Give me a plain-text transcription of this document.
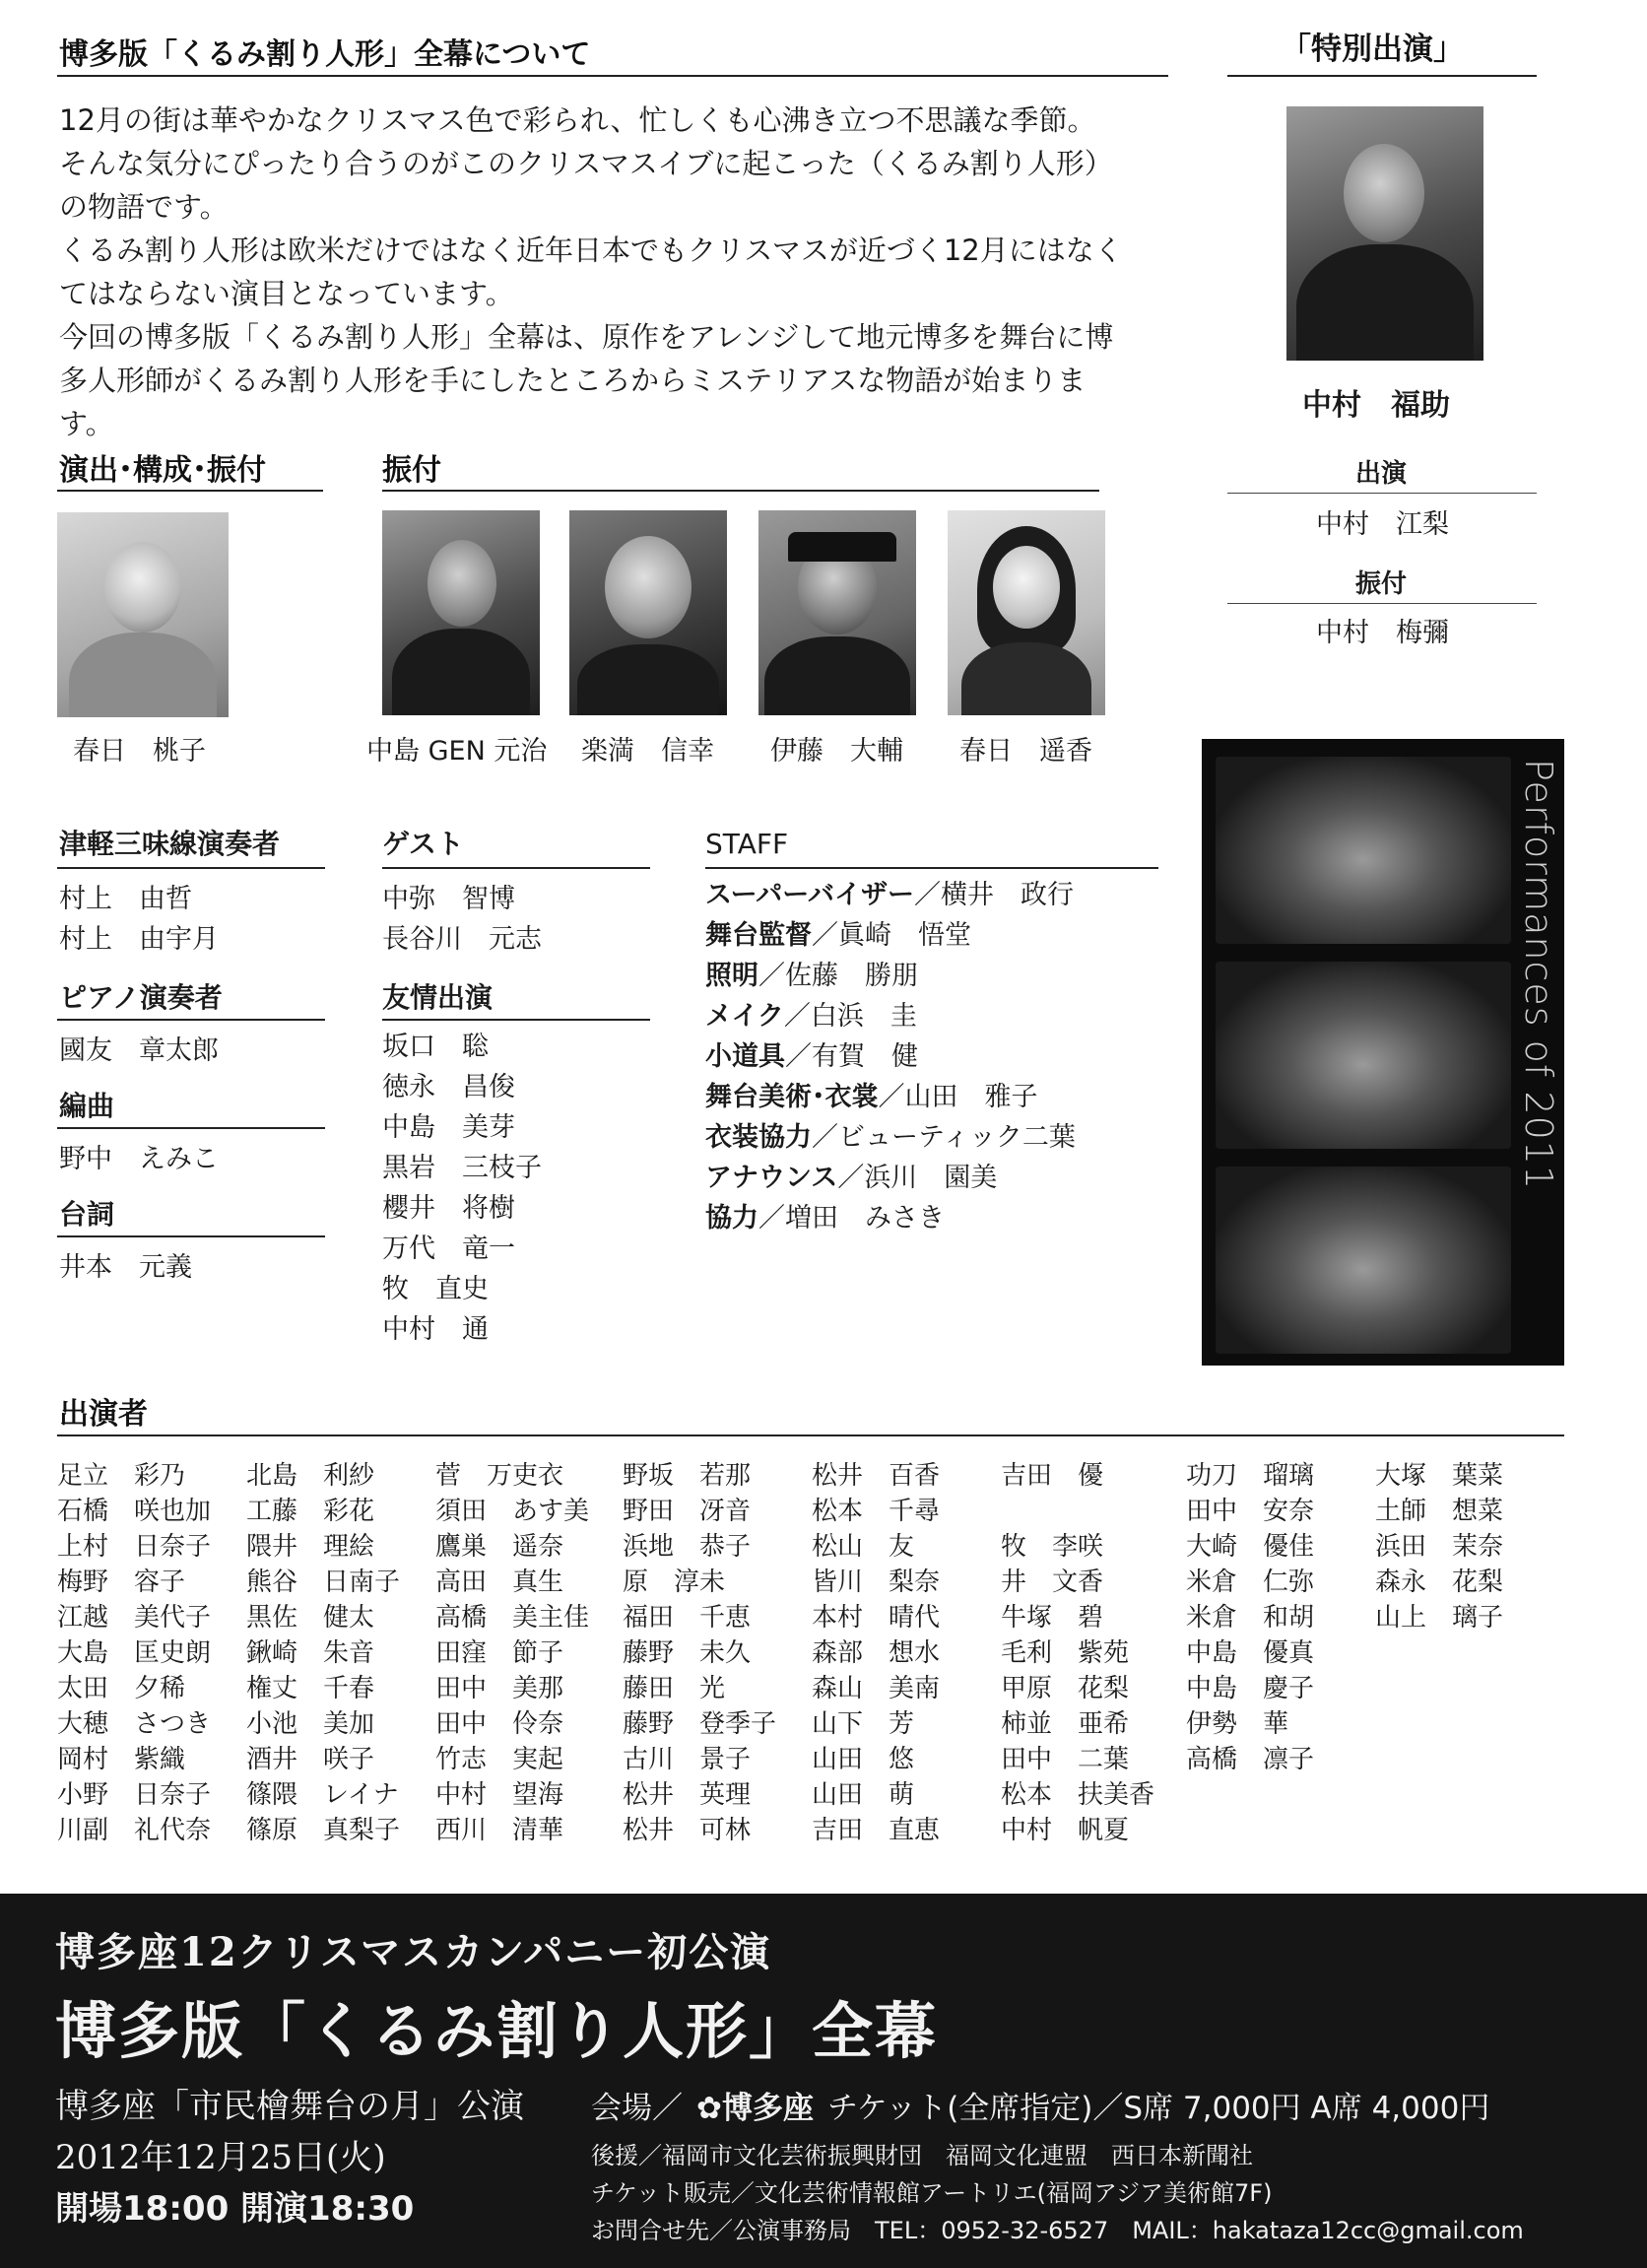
博多版「くるみ割り人形」全幕について

12月の街は華やかなクリスマス色で彩られ、忙しくも心沸き立つ不思議な季節。そんな気分にぴったり合うのがこのクリスマスイブに起こった（くるみ割り人形）の物語です。

くるみ割り人形は欧米だけではなく近年日本でもクリスマスが近づく12月にはなくてはならない演目となっています。

今回の博多版「くるみ割り人形」全幕は、原作をアレンジして地元博多を舞台に博多人形師がくるみ割り人形を手にしたところからミステリアスな物語が始まります。

「特別出演」
中村　福助
出演
中村　江梨
振付
中村　梅彌
演出･構成･振付
春日　桃子
振付
中島 GEN 元治 楽満　信幸 伊藤　大輔 春日　遥香
Performances of 2011
津軽三味線演奏者
村上　由哲
村上　由宇月
ピアノ演奏者
國友　章太郎
編曲
野中　えみこ
台詞
井本　元義
ゲスト
中弥　智博
長谷川　元志
友情出演
坂口　聡
徳永　昌俊
中島　美芽
黒岩　三枝子
櫻井　将樹
万代　竜一
牧　直史
中村　通
STAFF
スーパーバイザー／横井　政行
舞台監督／眞崎　悟堂
照明／佐藤　勝朋
メイク／白浜　圭
小道具／有賀　健
舞台美術･衣裳／山田　雅子
衣装協力／ビューティック二葉
アナウンス／浜川　園美
協力／増田　みさき
出演者
足立　彩乃
石橋　咲也加
上村　日奈子
梅野　容子
江越　美代子
大島　匡史朗
太田　夕稀
大穂　さつき
岡村　紫織
小野　日奈子
川副　礼代奈
北島　利紗
工藤　彩花
隈井　理絵
熊谷　日南子
黒佐　健太
鍬崎　朱音
権丈　千春
小池　美加
酒井　咲子
篠隈　レイナ
篠原　真梨子
菅　万吏衣
須田　あす美
鷹巣　遥奈
高田　真生
高橋　美主佳
田窪　節子
田中　美那
田中　伶奈
竹志　実起
中村　望海
西川　清華
野坂　若那
野田　冴音
浜地　恭子
原　淳未
福田　千恵
藤野　未久
藤田　光
藤野　登季子
古川　景子
松井　英理
松井　可林
松井　百香
松本　千尋
松山　友
皆川　梨奈
本村　晴代
森部　想水
森山　美南
山下　芳
山田　悠
山田　萌
吉田　直恵
吉田　優
牧　李咲
井　文香
牛塚　碧
毛利　紫苑
甲原　花梨
柿並　亜希
田中　二葉
松本　扶美香
中村　帆夏
功刀　瑠璃
田中　安奈
大崎　優佳
米倉　仁弥
米倉　和胡
中島　優真
中島　慶子
伊勢　華
高橋　凛子
大塚　葉菜
土師　想菜
浜田　茉奈
森永　花梨
山上　璃子
博多座12クリスマスカンパニー初公演
博多版「くるみ割り人形」全幕
博多座「市民檜舞台の月」公演
2012年12月25日(火)
開場18:00 開演18:30
会場／ ✿博多座 チケット(全席指定)／S席 7,000円 A席 4,000円
後援／福岡市文化芸術振興財団　福岡文化連盟　西日本新聞社
チケット販売／文化芸術情報館アートリエ(福岡アジア美術館7F)
お問合せ先／公演事務局　TEL：0952-32-6527　MAIL：hakataza12cc@gmail.com
